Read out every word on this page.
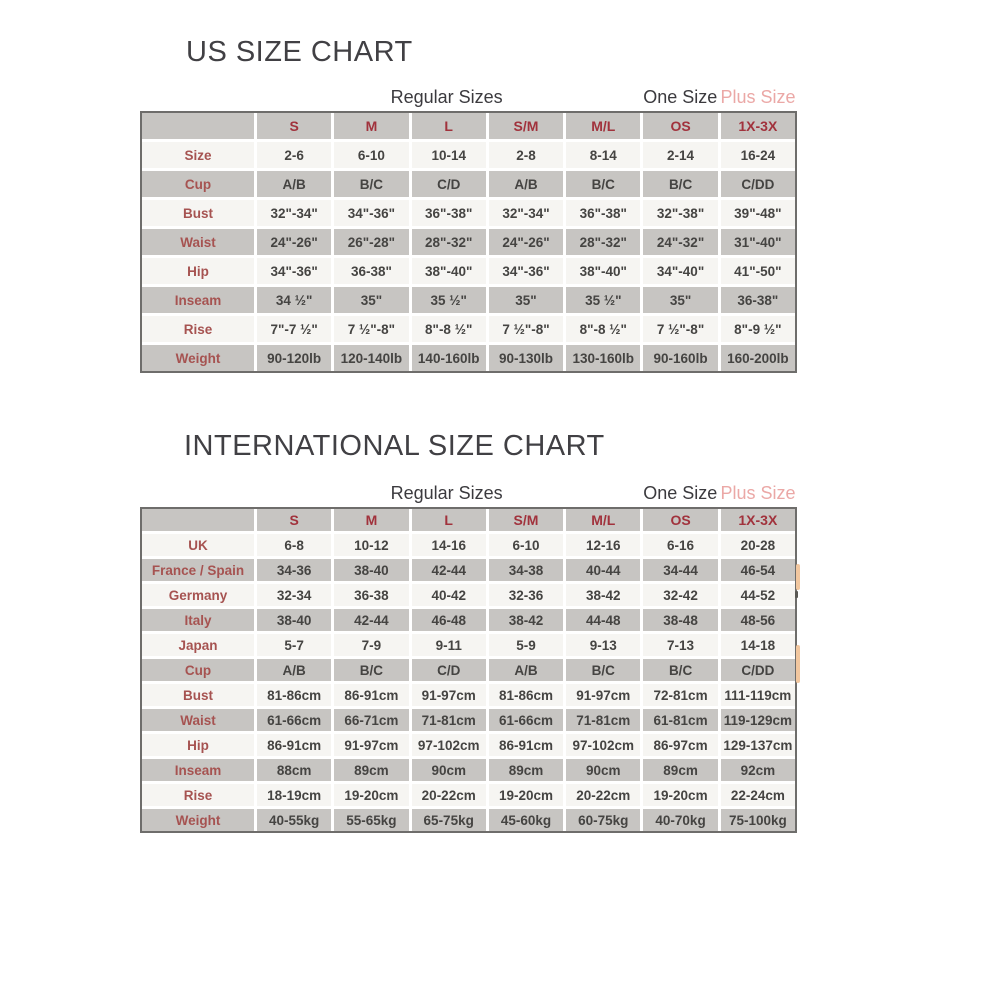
US SIZE CHART
Regular Sizes	One Size Plus Size
S	M	L	S/M	M/L	OS	1X-3X
Size	2-6	6-10	10-14	2-8	8-14	2-14	16-24
Cup	A/B	B/C	C/D	A/B	B/C	B/C	C/DD
Bust	32"-34"	34"-36"	36"-38"	32"-34"	36"-38"	32"-38"	39"-48"
Waist	24"-26"	26"-28"	28"-32"	24"-26"	28"-32"	24"-32"	31"-40"
Hip	34"-36"	36-38"	38"-40"	34"-36"	38"-40"	34"-40"	41"-50"
Inseam	34 ½"	35"	35 ½"	35"	35 ½"	35"	36-38"
Rise	7"-7 ½"	7 ½"-8"	8"-8 ½"	7 ½"-8"	8"-8 ½"	7 ½"-8"	8"-9 ½"
Weight	90-120lb	120-140lb	140-160lb	90-130lb	130-160lb	90-160lb	160-200lb
INTERNATIONAL SIZE CHART
Regular Sizes	One Size Plus Size
S	M	L	S/M	M/L	OS	1X-3X
UK	6-8	10-12	14-16	6-10	12-16	6-16	20-28
France / Spain	34-36	38-40	42-44	34-38	40-44	34-44	46-54
Germany	32-34	36-38	40-42	32-36	38-42	32-42	44-52
Italy	38-40	42-44	46-48	38-42	44-48	38-48	48-56
Japan	5-7	7-9	9-11	5-9	9-13	7-13	14-18
Cup	A/B	B/C	C/D	A/B	B/C	B/C	C/DD
Bust	81-86cm	86-91cm	91-97cm	81-86cm	91-97cm	72-81cm	111-119cm
Waist	61-66cm	66-71cm	71-81cm	61-66cm	71-81cm	61-81cm	119-129cm
Hip	86-91cm	91-97cm	97-102cm	86-91cm	97-102cm	86-97cm	129-137cm
Inseam	88cm	89cm	90cm	89cm	90cm	89cm	92cm
Rise	18-19cm	19-20cm	20-22cm	19-20cm	20-22cm	19-20cm	22-24cm
Weight	40-55kg	55-65kg	65-75kg	45-60kg	60-75kg	40-70kg	75-100kg
